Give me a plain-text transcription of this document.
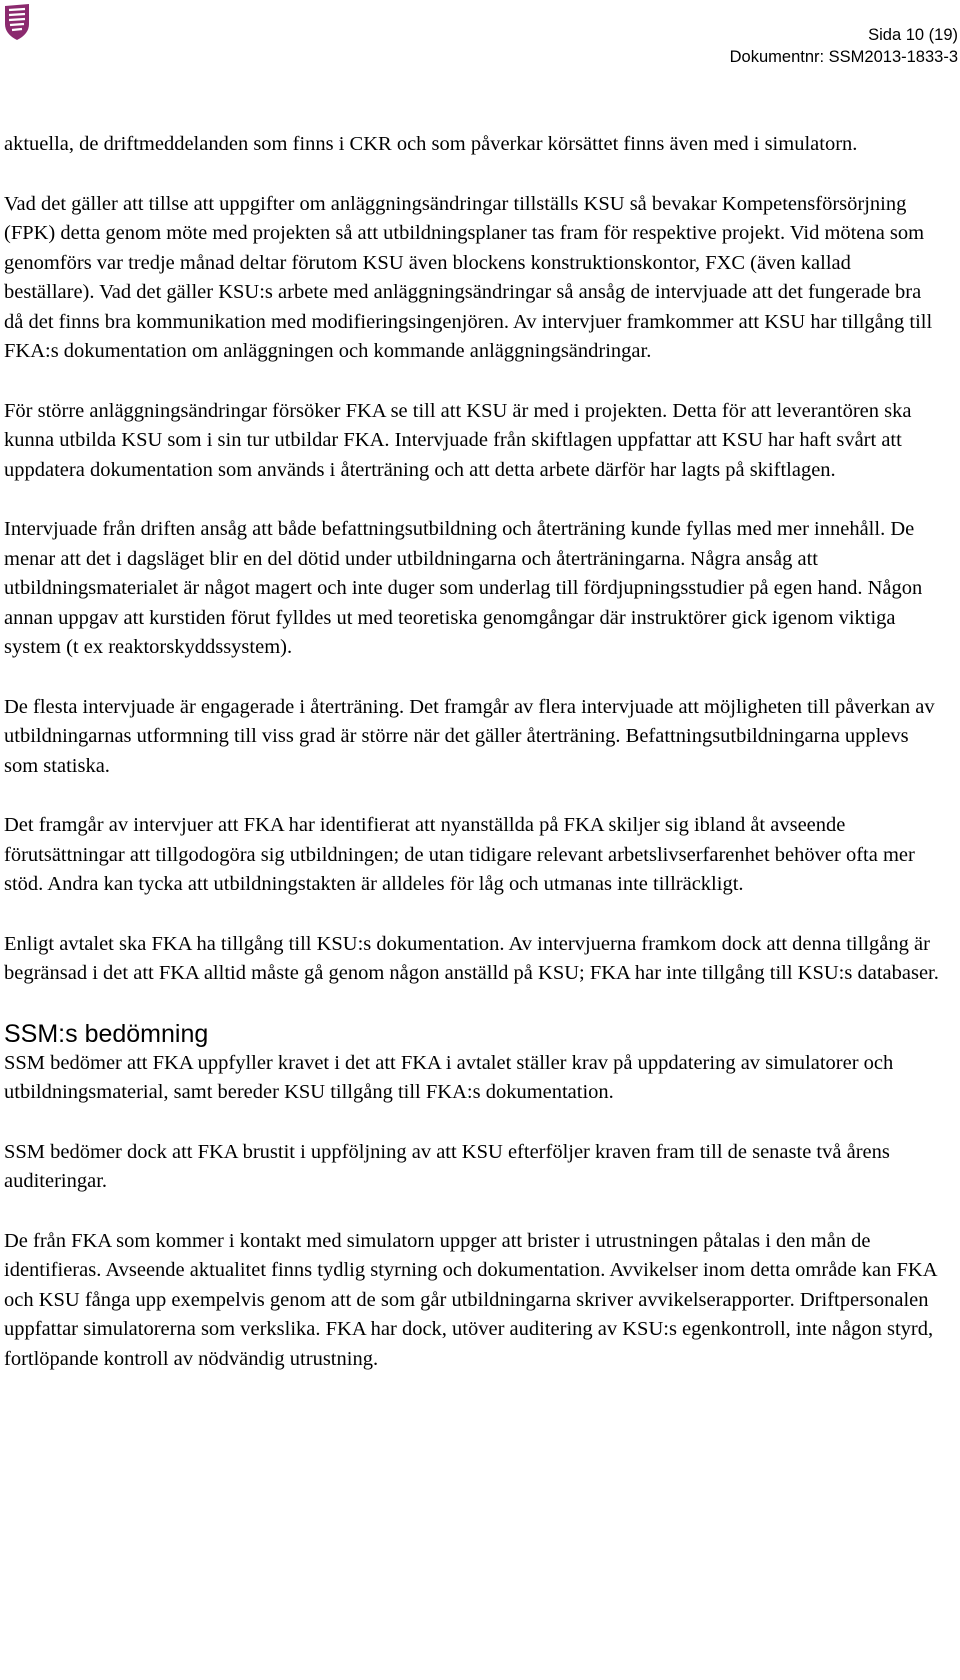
Sida 10 (19)
Dokumentnr: SSM2013-1833-3

aktuella, de driftmeddelanden som finns i CKR och som påverkar körsättet finns även med i simulatorn.

Vad det gäller att tillse att uppgifter om anläggningsändringar tillställs KSU så bevakar Kompetensförsörjning (FPK) detta genom möte med projekten så att utbildningsplaner tas fram för respektive projekt. Vid mötena som genomförs var tredje månad deltar förutom KSU även blockens konstruktionskontor, FXC (även kallad beställare). Vad det gäller KSU:s arbete med anläggningsändringar så ansåg de intervjuade att det fungerade bra då det finns bra kommunikation med modifieringsingenjören. Av intervjuer framkommer att KSU har tillgång till FKA:s dokumentation om anläggningen och kommande anläggningsändringar.

För större anläggningsändringar försöker FKA se till att KSU är med i projekten. Detta för att leverantören ska kunna utbilda KSU som i sin tur utbildar FKA. Intervjuade från skiftlagen uppfattar att KSU har haft svårt att uppdatera dokumentation som används i återträning och att detta arbete därför har lagts på skiftlagen.

Intervjuade från driften ansåg att både befattningsutbildning och återträning kunde fyllas med mer innehåll. De menar att det i dagsläget blir en del dötid under utbildningarna och återträningarna. Några ansåg att utbildningsmaterialet är något magert och inte duger som underlag till fördjupningsstudier på egen hand. Någon annan uppgav att kurstiden förut fylldes ut med teoretiska genomgångar där instruktörer gick igenom viktiga system (t ex reaktorskyddssystem).

De flesta intervjuade är engagerade i återträning. Det framgår av flera intervjuade att möjligheten till påverkan av utbildningarnas utformning till viss grad är större när det gäller återträning. Befattningsutbildningarna upplevs som statiska.

Det framgår av intervjuer att FKA har identifierat att nyanställda på FKA skiljer sig ibland åt avseende förutsättningar att tillgodogöra sig utbildningen; de utan tidigare relevant arbetslivserfarenhet behöver ofta mer stöd. Andra kan tycka att utbildningstakten är alldeles för låg och utmanas inte tillräckligt.

Enligt avtalet ska FKA ha tillgång till KSU:s dokumentation. Av intervjuerna framkom dock att denna tillgång är begränsad i det att FKA alltid måste gå genom någon anställd på KSU; FKA har inte tillgång till KSU:s databaser.

SSM:s bedömning

SSM bedömer att FKA uppfyller kravet i det att FKA i avtalet ställer krav på uppdatering av simulatorer och utbildningsmaterial, samt bereder KSU tillgång till FKA:s dokumentation.

SSM bedömer dock att FKA brustit i uppföljning av att KSU efterföljer kraven fram till de senaste två årens auditeringar.

De från FKA som kommer i kontakt med simulatorn uppger att brister i utrustningen påtalas i den mån de identifieras. Avseende aktualitet finns tydlig styrning och dokumentation. Avvikelser inom detta område kan FKA och KSU fånga upp exempelvis genom att de som går utbildningarna skriver avvikelserapporter. Driftpersonalen uppfattar simulatorerna som verkslika. FKA har dock, utöver auditering av KSU:s egenkontroll, inte någon styrd, fortlöpande kontroll av nödvändig utrustning.
